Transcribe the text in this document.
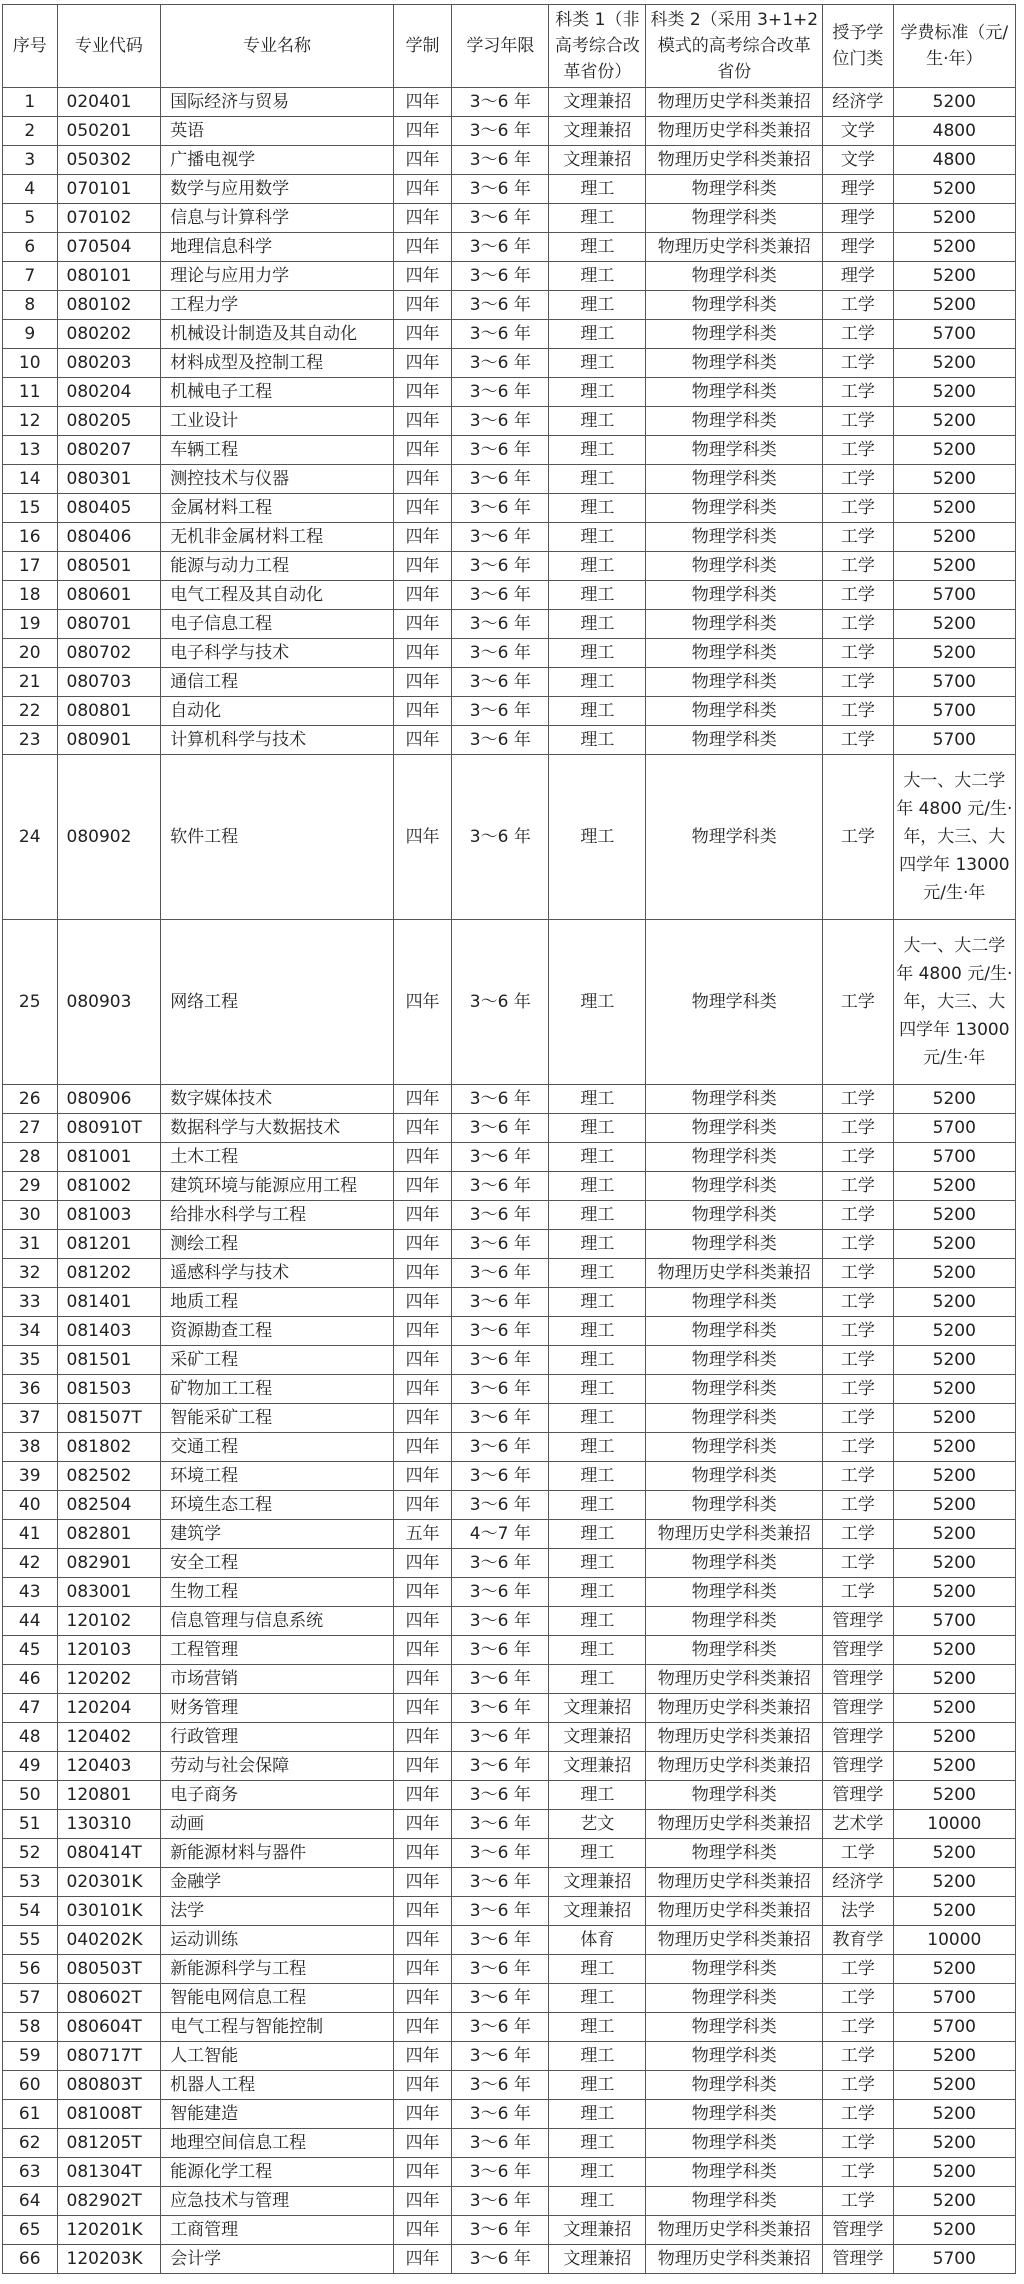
序号	专业代码	专业名称	学制	学习年限	科类 1（非高考综合改革省份）	科类 2（采用 3+1+2 模式的高考综合改革省份	授予学位门类	学费标准（元/生·年）
1	020401	国际经济与贸易	四年	3～6 年	文理兼招	物理历史学科类兼招	经济学	5200
2	050201	英语	四年	3～6 年	文理兼招	物理历史学科类兼招	文学	4800
3	050302	广播电视学	四年	3～6 年	文理兼招	物理历史学科类兼招	文学	4800
4	070101	数学与应用数学	四年	3～6 年	理工	物理学科类	理学	5200
5	070102	信息与计算科学	四年	3～6 年	理工	物理学科类	理学	5200
6	070504	地理信息科学	四年	3～6 年	理工	物理历史学科类兼招	理学	5200
7	080101	理论与应用力学	四年	3～6 年	理工	物理学科类	理学	5200
8	080102	工程力学	四年	3～6 年	理工	物理学科类	工学	5200
9	080202	机械设计制造及其自动化	四年	3～6 年	理工	物理学科类	工学	5700
10	080203	材料成型及控制工程	四年	3～6 年	理工	物理学科类	工学	5200
11	080204	机械电子工程	四年	3～6 年	理工	物理学科类	工学	5200
12	080205	工业设计	四年	3～6 年	理工	物理学科类	工学	5200
13	080207	车辆工程	四年	3～6 年	理工	物理学科类	工学	5200
14	080301	测控技术与仪器	四年	3～6 年	理工	物理学科类	工学	5200
15	080405	金属材料工程	四年	3～6 年	理工	物理学科类	工学	5200
16	080406	无机非金属材料工程	四年	3～6 年	理工	物理学科类	工学	5200
17	080501	能源与动力工程	四年	3～6 年	理工	物理学科类	工学	5200
18	080601	电气工程及其自动化	四年	3～6 年	理工	物理学科类	工学	5700
19	080701	电子信息工程	四年	3～6 年	理工	物理学科类	工学	5200
20	080702	电子科学与技术	四年	3～6 年	理工	物理学科类	工学	5200
21	080703	通信工程	四年	3～6 年	理工	物理学科类	工学	5700
22	080801	自动化	四年	3～6 年	理工	物理学科类	工学	5700
23	080901	计算机科学与技术	四年	3～6 年	理工	物理学科类	工学	5700
24	080902	软件工程	四年	3～6 年	理工	物理学科类	工学	大一、大二学年 4800 元/生·年，大三、大四学年 13000 元/生·年
25	080903	网络工程	四年	3～6 年	理工	物理学科类	工学	大一、大二学年 4800 元/生·年，大三、大四学年 13000 元/生·年
26	080906	数字媒体技术	四年	3～6 年	理工	物理学科类	工学	5200
27	080910T	数据科学与大数据技术	四年	3～6 年	理工	物理学科类	工学	5700
28	081001	土木工程	四年	3～6 年	理工	物理学科类	工学	5700
29	081002	建筑环境与能源应用工程	四年	3～6 年	理工	物理学科类	工学	5200
30	081003	给排水科学与工程	四年	3～6 年	理工	物理学科类	工学	5200
31	081201	测绘工程	四年	3～6 年	理工	物理学科类	工学	5200
32	081202	遥感科学与技术	四年	3～6 年	理工	物理历史学科类兼招	工学	5200
33	081401	地质工程	四年	3～6 年	理工	物理学科类	工学	5200
34	081403	资源勘查工程	四年	3～6 年	理工	物理学科类	工学	5200
35	081501	采矿工程	四年	3～6 年	理工	物理学科类	工学	5200
36	081503	矿物加工工程	四年	3～6 年	理工	物理学科类	工学	5200
37	081507T	智能采矿工程	四年	3～6 年	理工	物理学科类	工学	5200
38	081802	交通工程	四年	3～6 年	理工	物理学科类	工学	5200
39	082502	环境工程	四年	3～6 年	理工	物理学科类	工学	5200
40	082504	环境生态工程	四年	3～6 年	理工	物理学科类	工学	5200
41	082801	建筑学	五年	4～7 年	理工	物理历史学科类兼招	工学	5200
42	082901	安全工程	四年	3～6 年	理工	物理学科类	工学	5200
43	083001	生物工程	四年	3～6 年	理工	物理学科类	工学	5200
44	120102	信息管理与信息系统	四年	3～6 年	理工	物理学科类	管理学	5700
45	120103	工程管理	四年	3～6 年	理工	物理学科类	管理学	5200
46	120202	市场营销	四年	3～6 年	理工	物理历史学科类兼招	管理学	5200
47	120204	财务管理	四年	3～6 年	文理兼招	物理历史学科类兼招	管理学	5200
48	120402	行政管理	四年	3～6 年	文理兼招	物理历史学科类兼招	管理学	5200
49	120403	劳动与社会保障	四年	3～6 年	文理兼招	物理历史学科类兼招	管理学	5200
50	120801	电子商务	四年	3～6 年	理工	物理学科类	管理学	5200
51	130310	动画	四年	3～6 年	艺文	物理历史学科类兼招	艺术学	10000
52	080414T	新能源材料与器件	四年	3～6 年	理工	物理学科类	工学	5200
53	020301K	金融学	四年	3～6 年	文理兼招	物理历史学科类兼招	经济学	5200
54	030101K	法学	四年	3～6 年	文理兼招	物理历史学科类兼招	法学	5200
55	040202K	运动训练	四年	3～6 年	体育	物理历史学科类兼招	教育学	10000
56	080503T	新能源科学与工程	四年	3～6 年	理工	物理学科类	工学	5200
57	080602T	智能电网信息工程	四年	3～6 年	理工	物理学科类	工学	5700
58	080604T	电气工程与智能控制	四年	3～6 年	理工	物理学科类	工学	5700
59	080717T	人工智能	四年	3～6 年	理工	物理学科类	工学	5200
60	080803T	机器人工程	四年	3～6 年	理工	物理学科类	工学	5200
61	081008T	智能建造	四年	3～6 年	理工	物理学科类	工学	5200
62	081205T	地理空间信息工程	四年	3～6 年	理工	物理学科类	工学	5200
63	081304T	能源化学工程	四年	3～6 年	理工	物理学科类	工学	5200
64	082902T	应急技术与管理	四年	3～6 年	理工	物理学科类	工学	5200
65	120201K	工商管理	四年	3～6 年	文理兼招	物理历史学科类兼招	管理学	5200
66	120203K	会计学	四年	3～6 年	文理兼招	物理历史学科类兼招	管理学	5700
